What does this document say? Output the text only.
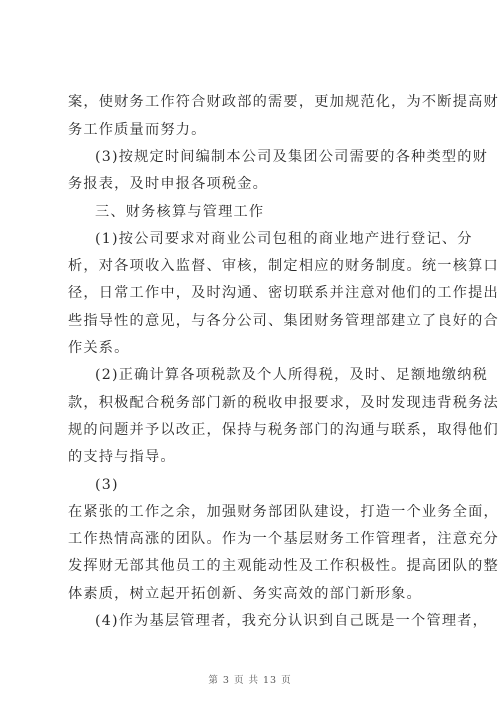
案，使财务工作符合财政部的需要，更加规范化，为不断提高财
务工作质量而努力。
(3)按规定时间编制本公司及集团公司需要的各种类型的财
务报表，及时申报各项税金。
三、财务核算与管理工作
(1)按公司要求对商业公司包租的商业地产进行登记、分
析，对各项收入监督、审核，制定相应的财务制度。统一核算口
径，日常工作中，及时沟通、密切联系并注意对他们的工作提出
些指导性的意见，与各分公司、集团财务管理部建立了良好的合
作关系。
(2)正确计算各项税款及个人所得税，及时、足额地缴纳税
款，积极配合税务部门新的税收申报要求，及时发现违背税务法
规的问题并予以改正，保持与税务部门的沟通与联系，取得他们
的支持与指导。
(3)
在紧张的工作之余，加强财务部团队建设，打造一个业务全面，
工作热情高涨的团队。作为一个基层财务工作管理者，注意充分
发挥财无部其他员工的主观能动性及工作积极性。提高团队的整
体素质，树立起开拓创新、务实高效的部门新形象。
(4)作为基层管理者，我充分认识到自己既是一个管理者，
第 3 页 共 13 页
